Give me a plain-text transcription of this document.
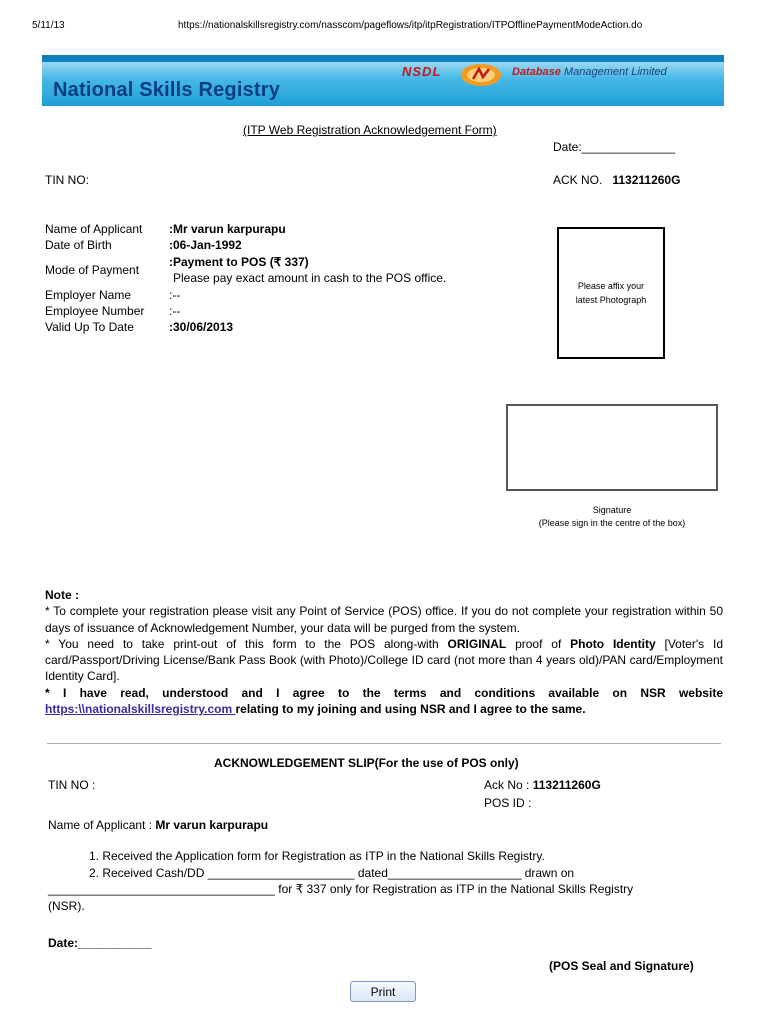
5/11/13	https://nationalskillsregistry.com/nasscom/pageflows/itp/itpRegistration/ITPOfflinePaymentModeAction.do
National Skills Registry
NSDL	Database Management Limited
(ITP Web Registration Acknowledgement Form)
Date:______________
TIN NO:	ACK NO. 113211260G
Name of Applicant :Mr varun karpurapu
Date of Birth	:06-Jan-1992
Mode of Payment
:Payment to POS (₹ 337)
Please pay exact amount in cash to the POS office.
Employer Name	:--
Employee Number :--
Valid Up To Date	:30/06/2013
Please affix your latest Photograph
Signature
(Please sign in the centre of the box)

Note :

* To complete your registration please visit any Point of Service (POS) office. If you do not complete your registration within 50 days of issuance of Acknowledgement Number, your data will be purged from the system.

* You need to take print-out of this form to the POS along-with ORIGINAL proof of Photo Identity [Voter's Id card/Passport/Driving License/Bank Pass Book (with Photo)/College ID card (not more than 4 years old)/PAN card/Employment Identity Card].

* I have read, understood and I agree to the terms and conditions available on NSR website https:\\nationalskillsregistry.com relating to my joining and using NSR and I agree to the same.

ACKNOWLEDGEMENT SLIP(For the use of POS only)
TIN NO :	Ack No : 113211260G
POS ID :
Name of Applicant : Mr varun karpurapu
1. Received the Application form for Registration as ITP in the National Skills Registry.
2. Received Cash/DD ______________________ dated____________________ drawn on
__________________________________ for ₹ 337 only for Registration as ITP in the National Skills Registry
(NSR).
Date:___________
(POS Seal and Signature)
Print
